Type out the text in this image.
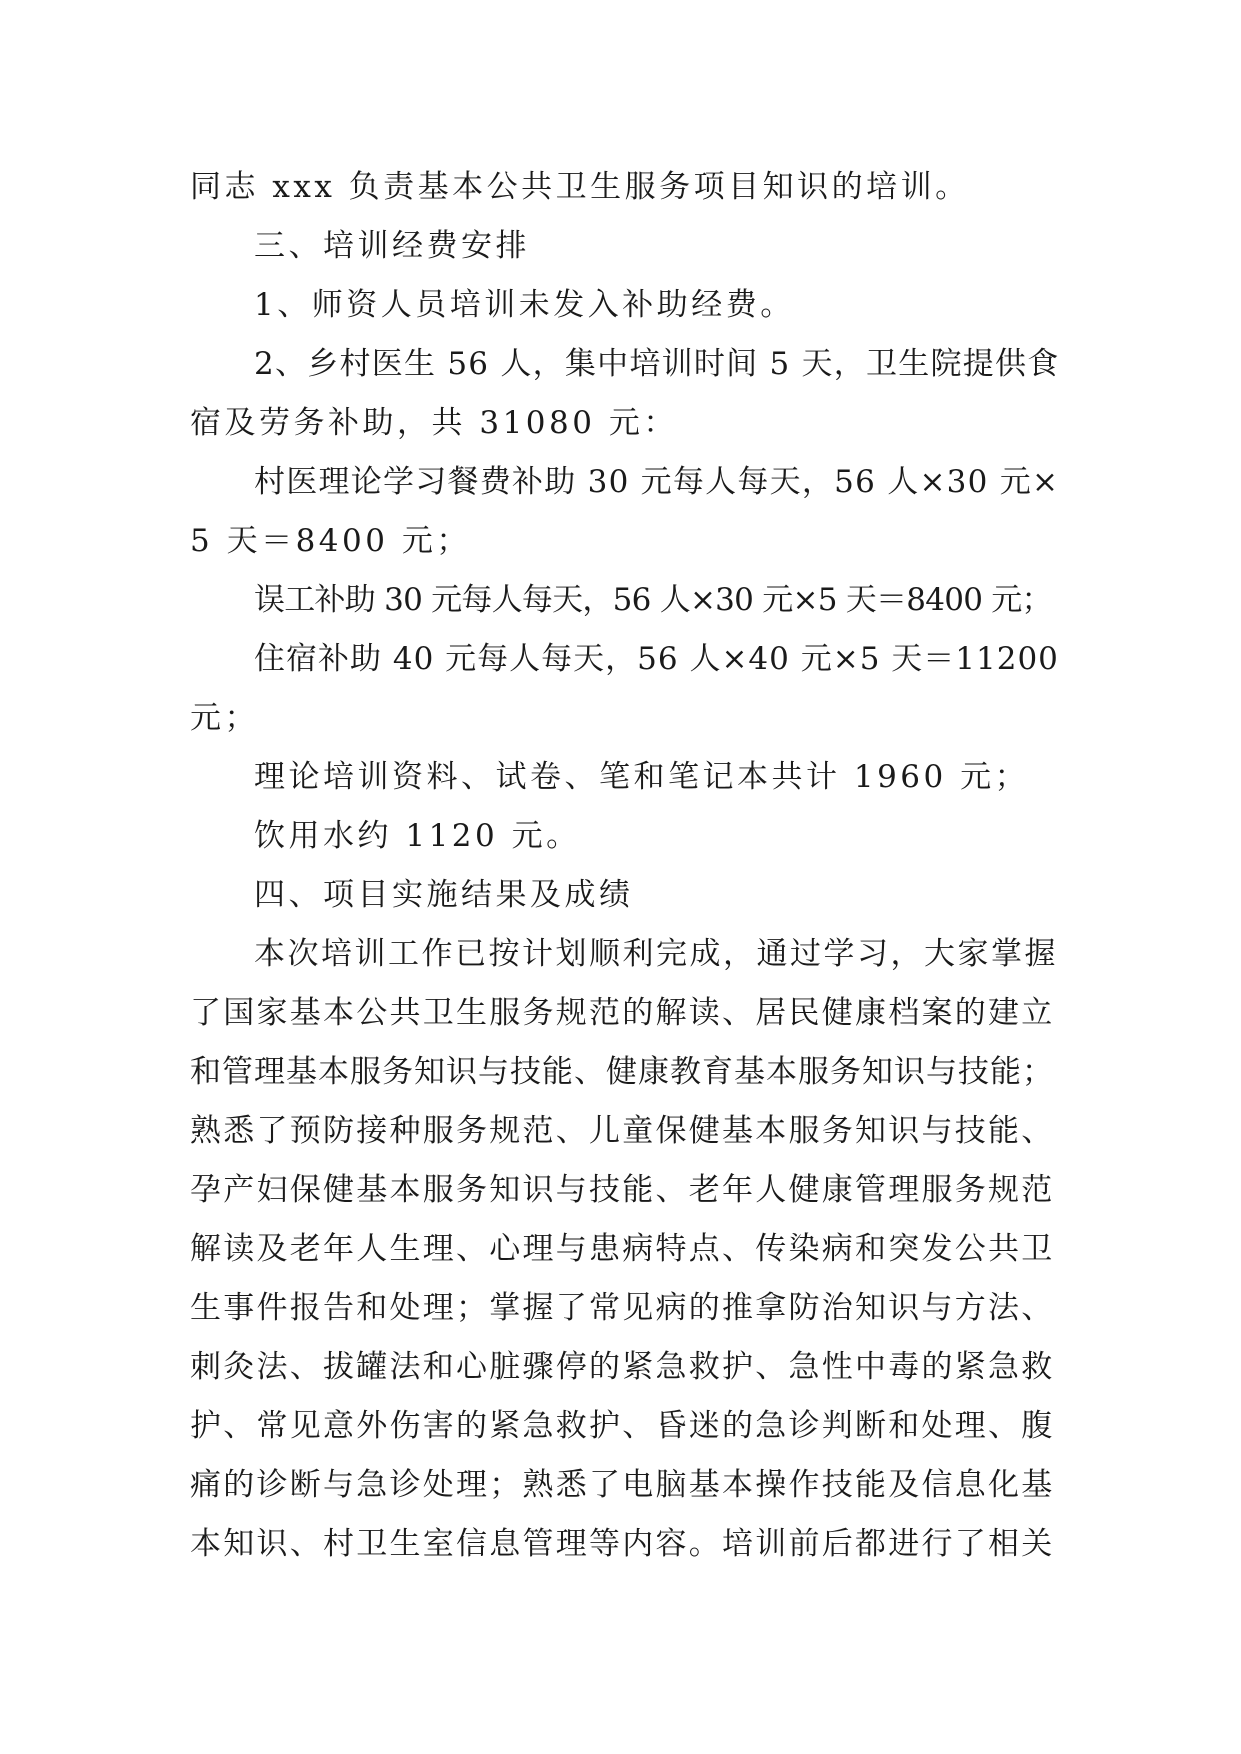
同志 xxx 负责基本公共卫生服务项目知识的培训。
三、培训经费安排
1、师资人员培训未发入补助经费。
2、乡村医生 56 人，集中培训时间 5 天，卫生院提供食
宿及劳务补助，共 31080 元：
村医理论学习餐费补助 30 元每人每天，56 人×30 元×
5 天＝8400 元；
误工补助 30 元每人每天，56 人×30 元×5 天＝8400 元；
住宿补助 40 元每人每天，56 人×40 元×5 天＝11200
元；
理论培训资料、试卷、笔和笔记本共计 1960 元；
饮用水约 1120 元。
四、项目实施结果及成绩
本次培训工作已按计划顺利完成，通过学习，大家掌握
了国家基本公共卫生服务规范的解读、居民健康档案的建立
和管理基本服务知识与技能、健康教育基本服务知识与技能；
熟悉了预防接种服务规范、儿童保健基本服务知识与技能、
孕产妇保健基本服务知识与技能、老年人健康管理服务规范
解读及老年人生理、心理与患病特点、传染病和突发公共卫
生事件报告和处理；掌握了常见病的推拿防治知识与方法、
刺灸法、拔罐法和心脏骤停的紧急救护、急性中毒的紧急救
护、常见意外伤害的紧急救护、昏迷的急诊判断和处理、腹
痛的诊断与急诊处理；熟悉了电脑基本操作技能及信息化基
本知识、村卫生室信息管理等内容。培训前后都进行了相关
